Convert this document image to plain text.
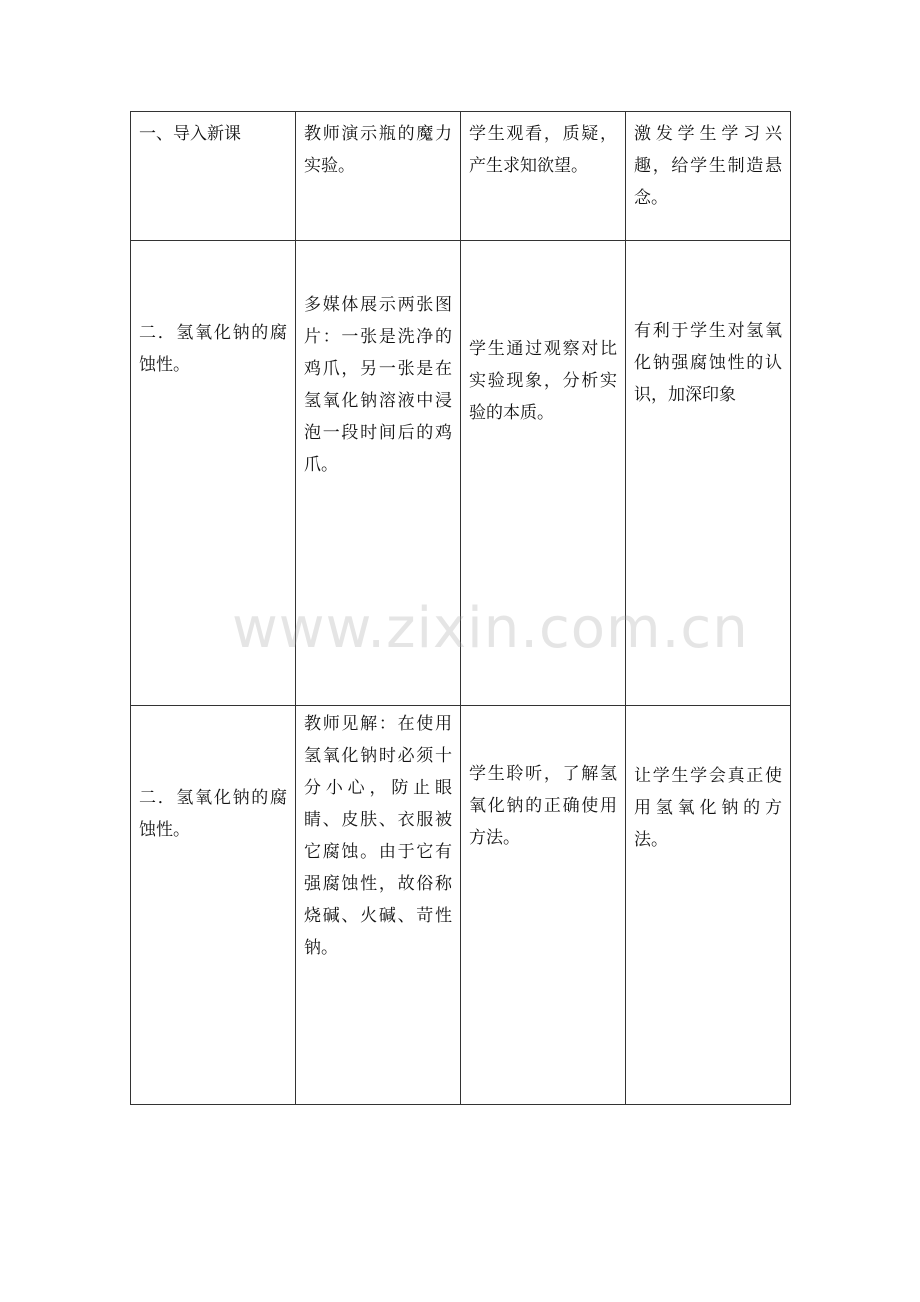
一、导入新课	教师演示瓶的魔力实验。	学生观看，质疑，产生求知欲望。	激发学生学习兴趣，给学生制造悬念。
二．氢氧化钠的腐蚀性。	多媒体展示两张图片：一张是洗净的鸡爪，另一张是在氢氧化钠溶液中浸泡一段时间后的鸡爪。	学生通过观察对比实验现象，分析实验的本质。	有利于学生对氢氧化钠强腐蚀性的认识，加深印象
二．氢氧化钠的腐蚀性。	教师见解：在使用氢氧化钠时必须十分小心，防止眼睛、皮肤、衣服被它腐蚀。由于它有强腐蚀性，故俗称烧碱、火碱、苛性钠。	学生聆听，了解氢氧化钠的正确使用方法。	让学生学会真正使用氢氧化钠的方法。
www.zixin.com.cn
